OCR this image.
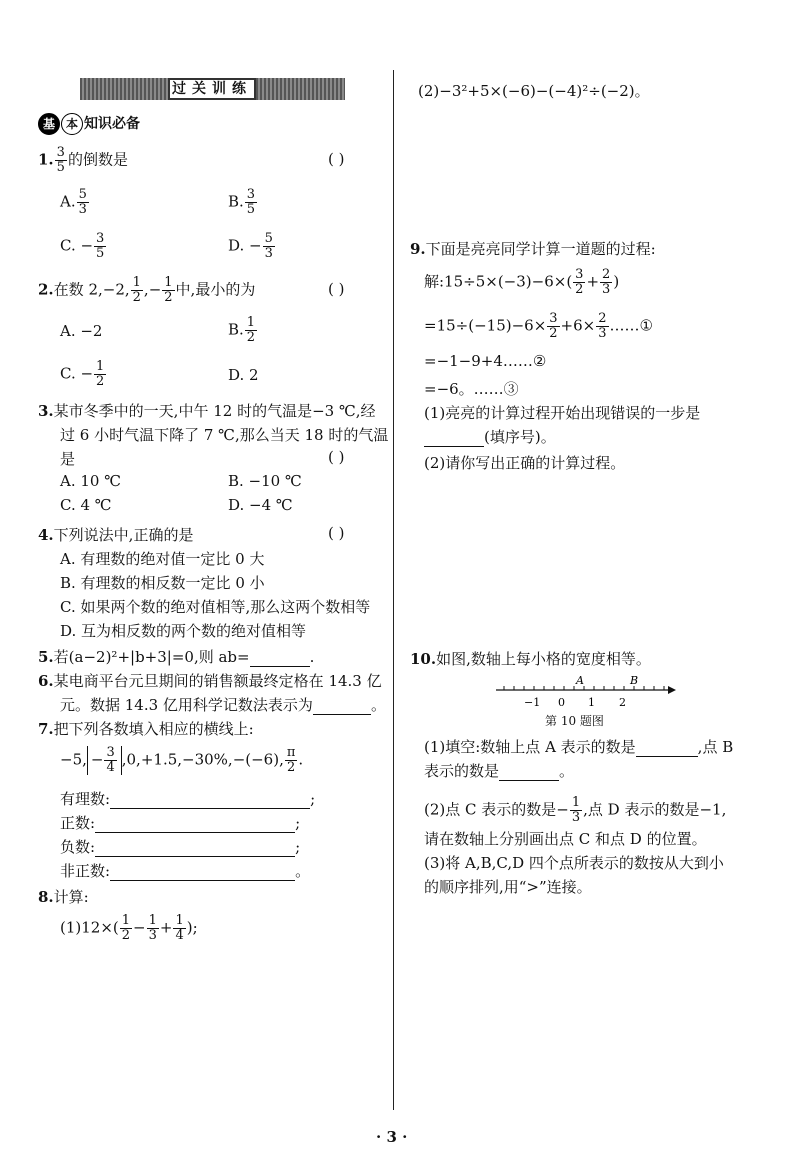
过关训练
基 本 知识必备
1. $\frac{3}{5}$ 的倒数是	( )
A. $\frac{5}{3}$	B. $\frac{3}{5}$
C. − $\frac{3}{5}$	D. − $\frac{5}{3}$
2.在数 2,−2, $\frac{1}{2}$ ,− $\frac{1}{2}$ 中,最小的为	( )
A. −2	B. $\frac{1}{2}$
C. − $\frac{1}{2}$	D. 2
3.某市冬季中的一天,中午 12 时的气温是−3 ℃,经
过 6 小时气温下降了 7 ℃,那么当天 18 时的气温
是	( )
A. 10 ℃	B. −10 ℃
C. 4 ℃	D. −4 ℃
4.下列说法中,正确的是	( )
A. 有理数的绝对值一定比 0 大
B. 有理数的相反数一定比 0 小
C. 如果两个数的绝对值相等,那么这两个数相等
D. 互为相反数的两个数的绝对值相等
5.若(a−2)²+|b+3|=0,则 ab=	.
6.某电商平台元旦期间的销售额最终定格在 14.3 亿
元。数据 14.3 亿用科学记数法表示为	。
7.把下列各数填入相应的横线上:
−5, − $\frac{3}{4} ,0,+1.5,-30\%,-(-6)$, $\frac{\pi}{2}$ .
有理数:	;
正数:	;
负数:	;
非正数:	。
8.计算:
$(1)12\times( \frac{1}{2} - \frac{1}{3} + \frac{1}{4}$ );
(2)−3²+5×(−6)−(−4)²÷(−2)。
9.下面是亮亮同学计算一道题的过程:
解:15÷5×(−3)−6×( $\frac{3}{2} + \frac{2}{3}$ )
$=15\div(-15)-6\times \frac{3}{2} +6\times \frac{2}{3}$ ……①
=−1−9+4……②
=−6。……③
(1)亮亮的计算过程开始出现错误的一步是
(填序号)。
(2)请你写出正确的计算过程。
10.如图,数轴上每小格的宽度相等。
(1)填空:数轴上点 A 表示的数是	,点 B
表示的数是	。
(2)点 C 表示的数是− $\frac{1}{3}$ ,点 D 表示的数是−1,
请在数轴上分别画出点 C 和点 D 的位置。
(3)将 A,B,C,D 四个点所表示的数按从大到小
的顺序排列,用“>”连接。
−1 0 1 2
A	B
第 10 题图
· 3 ·
